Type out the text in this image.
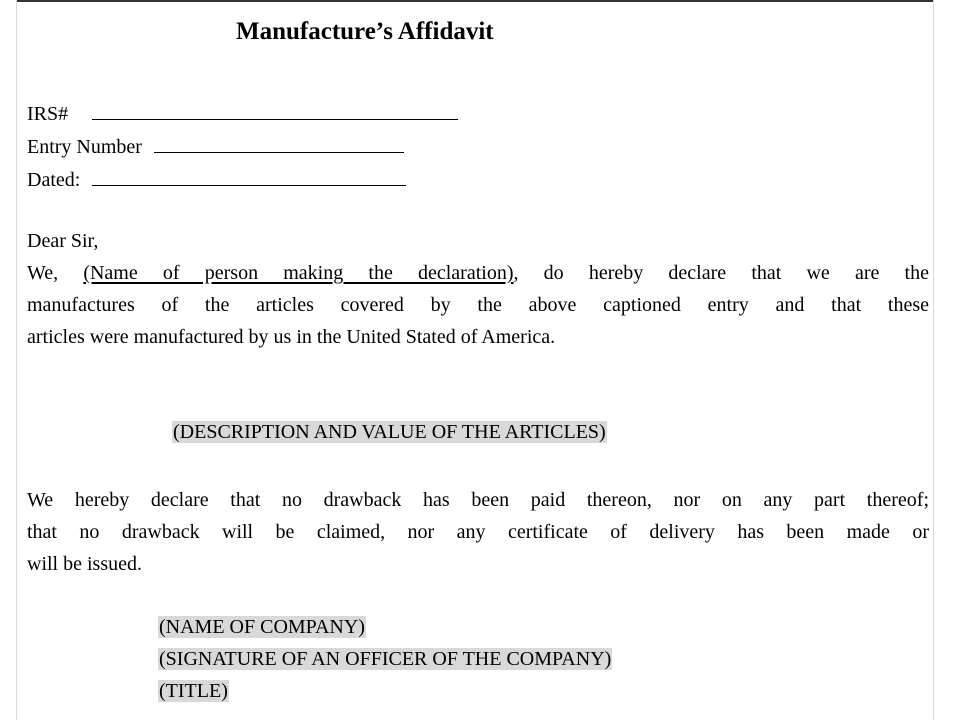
Manufacture’s Affidavit
IRS#
Entry Number
Dated:
Dear Sir,
We, (Name of person making the declaration), do hereby declare that we are the
manufactures of the articles covered by the above captioned entry and that these
articles were manufactured by us in the United Stated of America.
(DESCRIPTION AND VALUE OF THE ARTICLES)
We hereby declare that no drawback has been paid thereon, nor on any part thereof;
that no drawback will be claimed, nor any certificate of delivery has been made or
will be issued.
(NAME OF COMPANY)
(SIGNATURE OF AN OFFICER OF THE COMPANY)
(TITLE)
